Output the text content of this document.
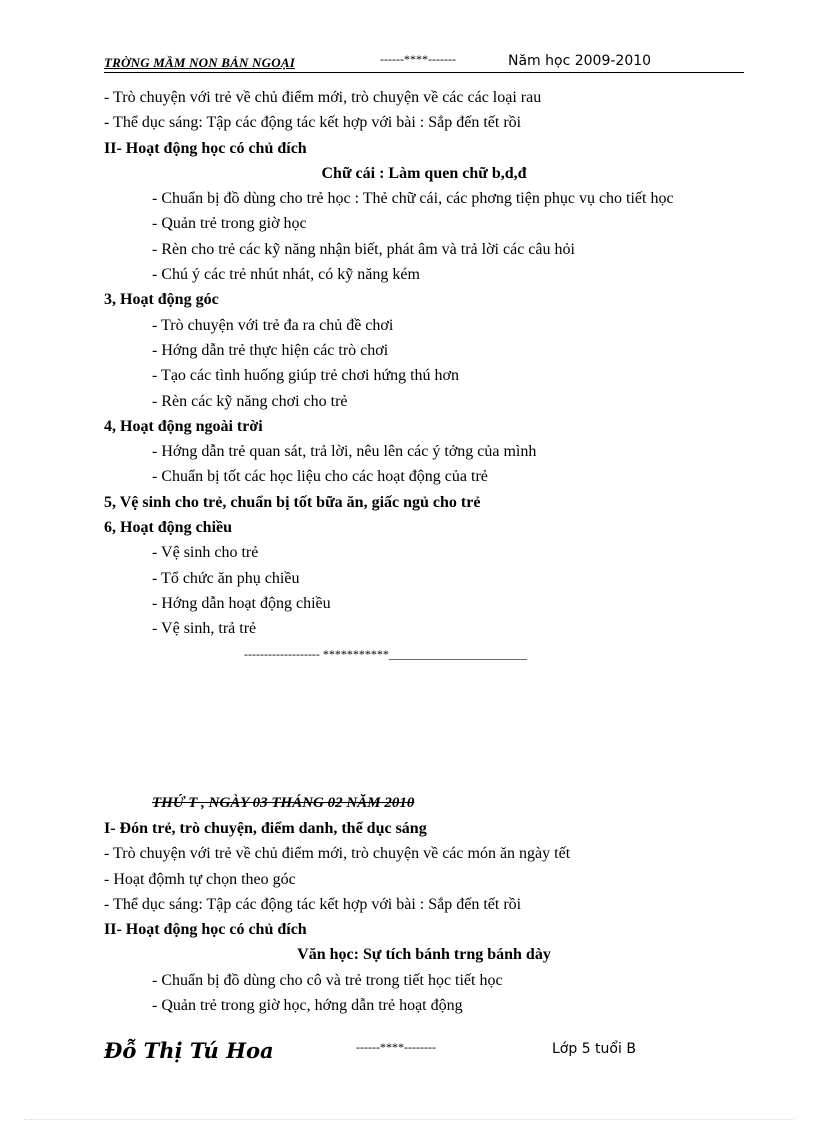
TRỜNG MẦM NON BẢN NGOẠI	------****-------	Năm học 2009-2010
- Trò chuyện với trẻ về chủ điểm mới, trò chuyện về các các loại rau
- Thể dục sáng: Tập các động tác kết hợp với bài : Sắp đến tết rồi
II- Hoạt động học có chủ đích
Chữ cái : Làm quen chữ b,d,đ
- Chuẩn bị đồ dùng cho trẻ học : Thẻ chữ cái, các phơng tiện phục vụ cho tiết học
- Quản trẻ trong giờ học
- Rèn cho trẻ các kỹ năng nhận biết, phát âm và trả lời các câu hỏi
- Chú ý các trẻ nhút nhát, có kỹ năng kém
3, Hoạt động góc
- Trò chuyện với trẻ đa ra chủ đề chơi
- Hớng dẫn trẻ thực hiện các trò chơi
- Tạo các tình huống giúp trẻ chơi hứng thú hơn
- Rèn các kỹ năng chơi cho trẻ
4, Hoạt động ngoài trời
- Hớng dẫn trẻ quan sát, trả lời, nêu lên các ý tởng của mình
- Chuẩn bị tốt các học liệu cho các hoạt động của trẻ
5, Vệ sinh cho trẻ, chuẩn bị tốt bữa ăn, giấc ngủ cho trẻ
6, Hoạt động chiều
- Vệ sinh cho trẻ
- Tổ chức ăn phụ chiều
- Hớng dẫn hoạt động chiều
- Vệ sinh, trả trẻ
------------------- ***********_______________________
THỨ T , NGÀY 03 THÁNG 02 NĂM 2010
I- Đón trẻ, trò chuyện, điểm danh, thể dục sáng
- Trò chuyện với trẻ về chủ điểm mới, trò chuyện về các món ăn ngày tết
- Hoạt độmh tự chọn theo góc
- Thể dục sáng: Tập các động tác kết hợp với bài : Sắp đến tết rồi
II- Hoạt động học có chủ đích
Văn học: Sự tích bánh trng bánh dày
- Chuẩn bị đồ dùng cho cô và trẻ trong tiết học tiết học
- Quản trẻ trong giờ học, hớng dẫn trẻ hoạt động
Đỗ Thị Tú Hoa	------****--------	Lớp 5 tuổi B
